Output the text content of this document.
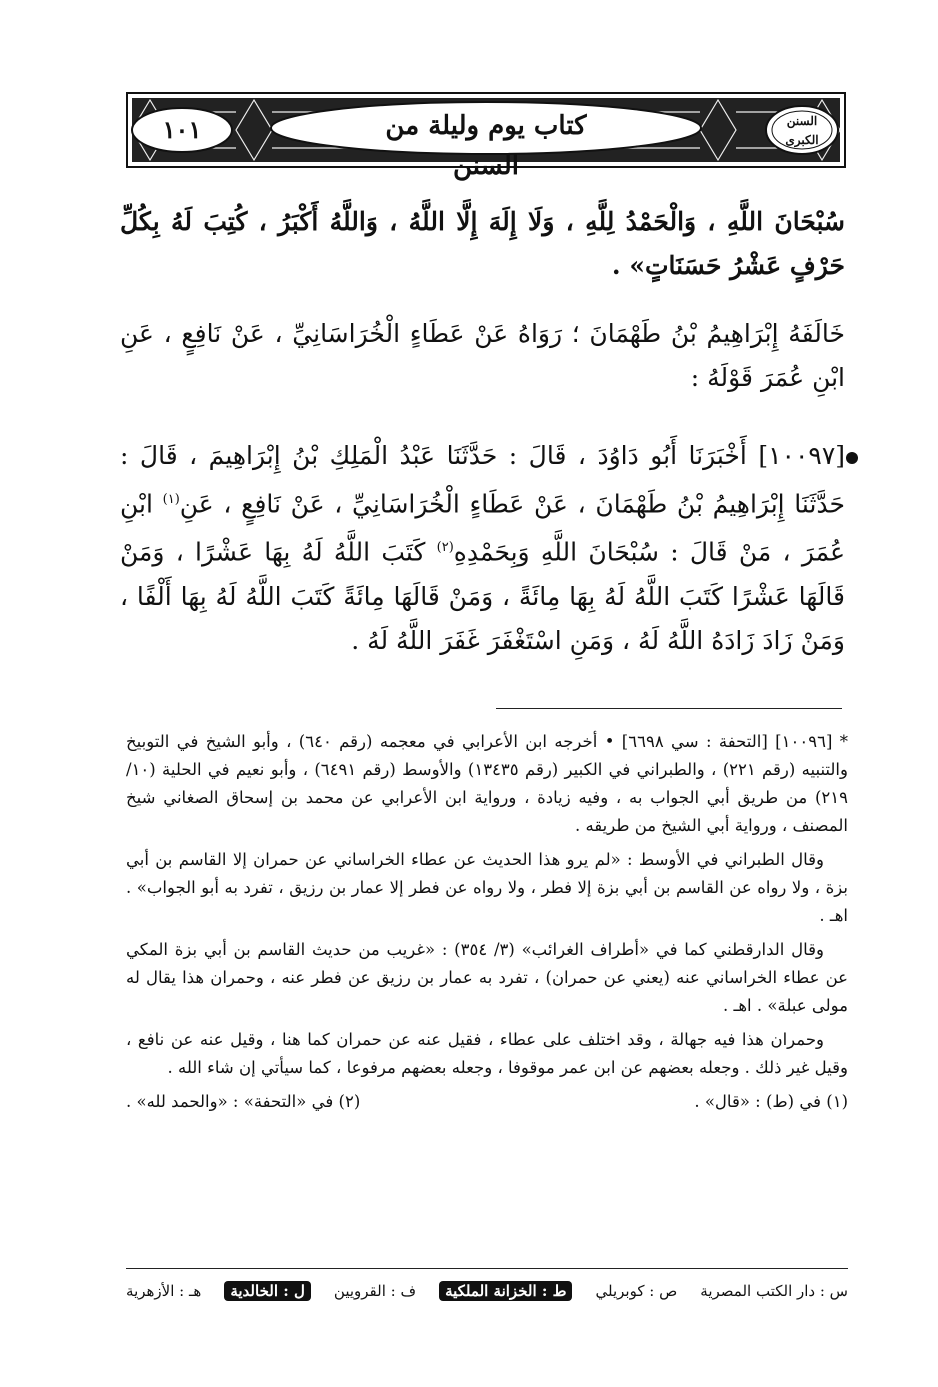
كتاب يوم وليلة من السنن
١٠١	السنن الكبرى

سُبْحَانَ اللَّهِ ، وَالْحَمْدُ لِلَّهِ ، وَلَا إِلَهَ إِلَّا اللَّهُ ، وَاللَّهُ أَكْبَرُ ، كُتِبَ لَهُ بِكُلِّ حَرْفٍ عَشْرُ حَسَنَاتٍ» .

خَالَفَهُ إِبْرَاهِيمُ بْنُ طَهْمَانَ ؛ رَوَاهُ عَنْ عَطَاءٍ الْخُرَاسَانِيِّ ، عَنْ نَافِعٍ ، عَنِ ابْنِ عُمَرَ قَوْلَهُ :

[١٠٠٩٧] أَخْبَرَنَا أَبُو دَاوُدَ ، قَالَ : حَدَّثَنَا عَبْدُ الْمَلِكِ بْنُ إِبْرَاهِيمَ ، قَالَ : حَدَّثَنَا إِبْرَاهِيمُ بْنُ طَهْمَانَ ، عَنْ عَطَاءٍ الْخُرَاسَانِيِّ ، عَنْ نَافِعٍ ، عَنِ$^{(١)}$ ابْنِ عُمَرَ ، مَنْ قَالَ : سُبْحَانَ اللَّهِ وَبِحَمْدِهِ$^{(٢)}$ كَتَبَ اللَّهُ لَهُ بِهَا عَشْرًا ، وَمَنْ قَالَهَا عَشْرًا كَتَبَ اللَّهُ لَهُ بِهَا مِائَةً ، وَمَنْ قَالَهَا مِائَةً كَتَبَ اللَّهُ لَهُ بِهَا أَلْفًا ، وَمَنْ زَادَ زَادَهُ اللَّهُ لَهُ ، وَمَنِ اسْتَغْفَرَ غَفَرَ اللَّهُ لَهُ .

* [١٠٠٩٦] [التحفة : سي ٦٦٩٨] • أخرجه ابن الأعرابي في معجمه (رقم ٦٤٠) ، وأبو الشيخ في التوبيخ والتنبيه (رقم ٢٢١) ، والطبراني في الكبير (رقم ١٣٤٣٥) والأوسط (رقم ٦٤٩١) ، وأبو نعيم في الحلية (١٠/ ٢١٩) من طريق أبي الجواب به ، وفيه زيادة ، ورواية ابن الأعرابي عن محمد بن إسحاق الصغاني شيخ المصنف ، ورواية أبي الشيخ من طريقه .

وقال الطبراني في الأوسط : «لم يرو هذا الحديث عن عطاء الخراساني عن حمران إلا القاسم بن أبي بزة ، ولا رواه عن القاسم بن أبي بزة إلا فطر ، ولا رواه عن فطر إلا عمار بن رزيق ، تفرد به أبو الجواب» . اهـ .

وقال الدارقطني كما في «أطراف الغرائب» (٣/ ٣٥٤) : «غريب من حديث القاسم بن أبي بزة المكي عن عطاء الخراساني عنه (يعني عن حمران) ، تفرد به عمار بن رزيق عن فطر عنه ، وحمران هذا يقال له مولى عبلة» . اهـ .

وحمران هذا فيه جهالة ، وقد اختلف على عطاء ، فقيل عنه عن حمران كما هنا ، وقيل عنه عن نافع ، وقيل غير ذلك . وجعله بعضهم عن ابن عمر موقوفا ، وجعله بعضهم مرفوعا ، كما سيأتي إن شاء الله .

(١) في (ط) : «قال» .
(٢) في «التحفة» : «والحمد لله» .
س : دار الكتب المصرية
ص : كوبريلي
ط : الخزانة الملكية
ف : القرويين
ل : الخالدية
هـ : الأزهرية
